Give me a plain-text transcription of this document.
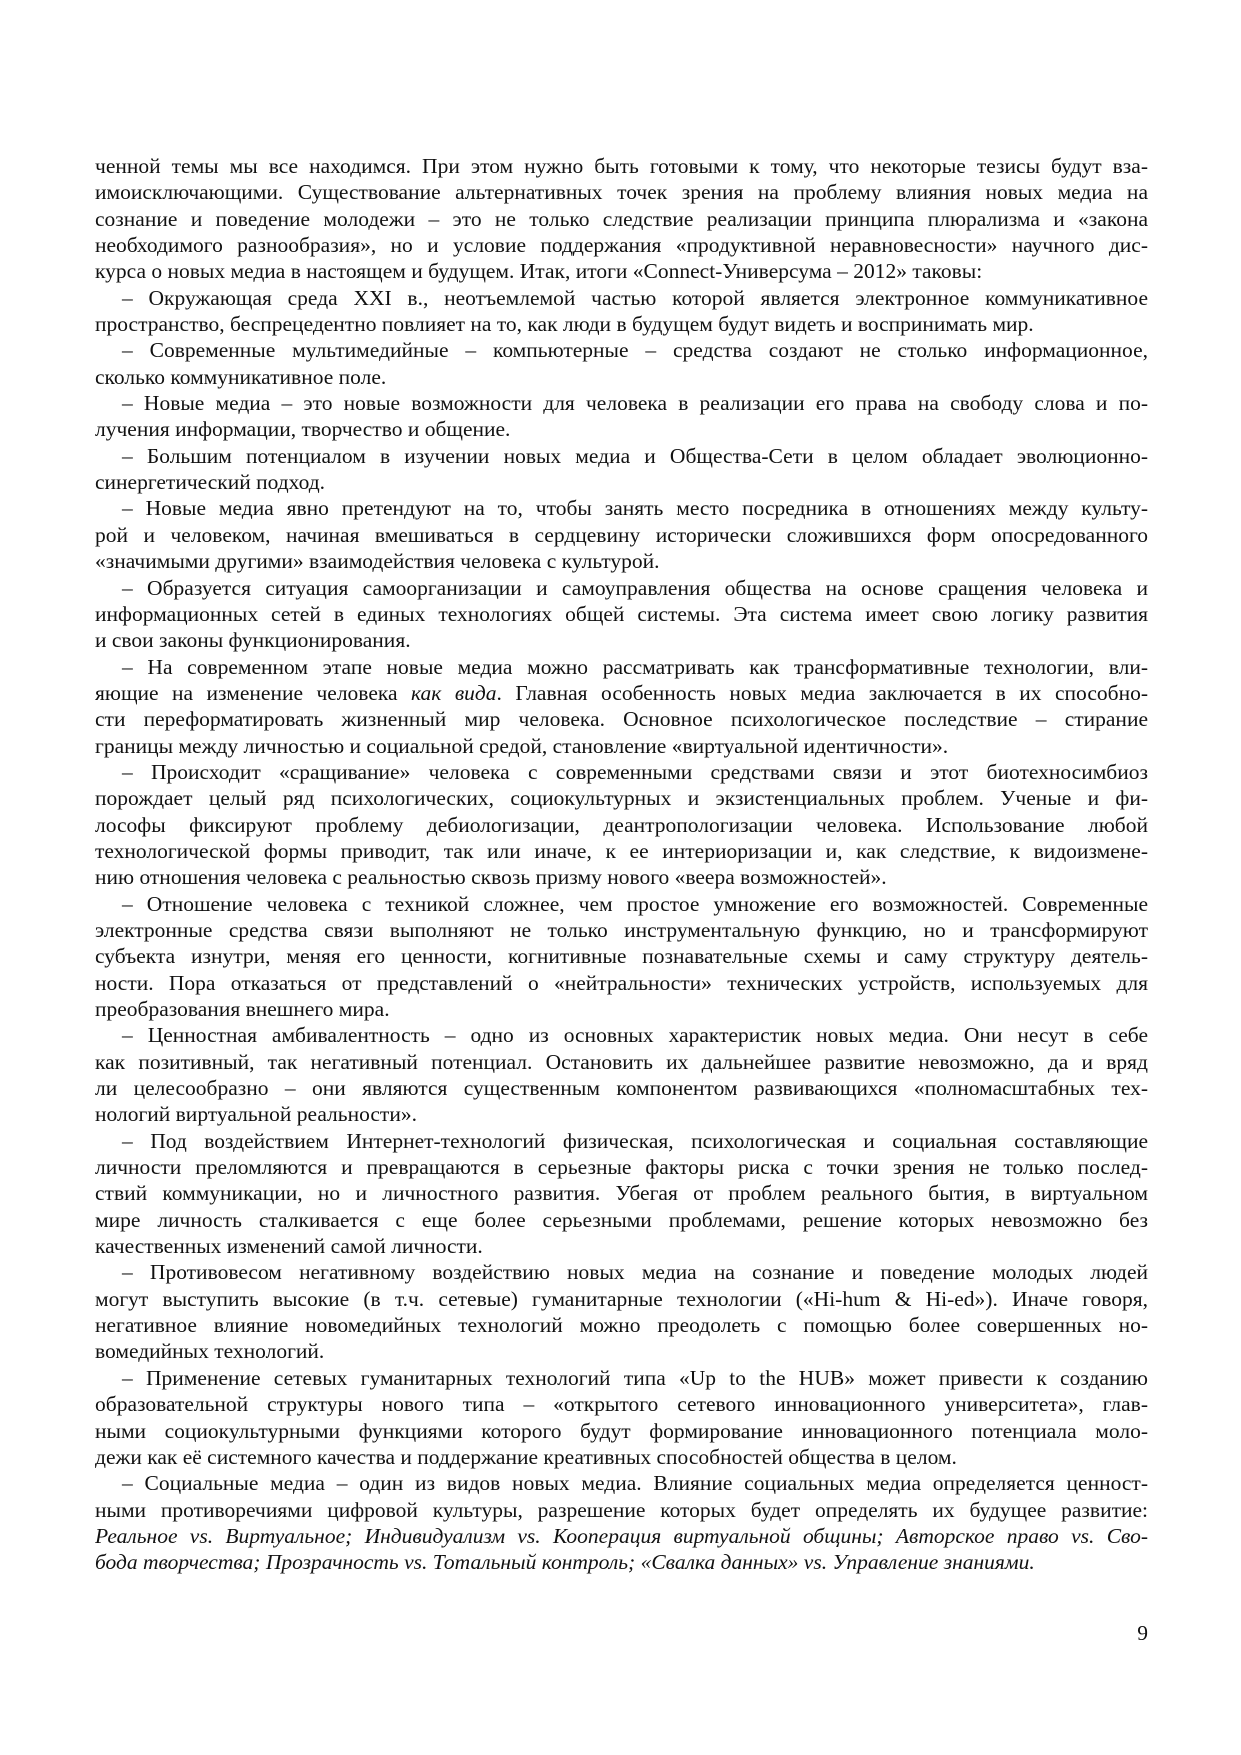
ченной темы мы все находимся. При этом нужно быть готовыми к тому, что некоторые тезисы будут вза-
имоисключающими. Существование альтернативных точек зрения на проблему влияния новых медиа на
сознание и поведение молодежи – это не только следствие реализации принципа плюрализма и «закона
необходимого разнообразия», но и условие поддержания «продуктивной неравновесности» научного дис-
курса о новых медиа в настоящем и будущем. Итак, итоги «Connect-Универсума – 2012» таковы:
– Окружающая среда XXI в., неотъемлемой частью которой является электронное коммуникативное
пространство, беспрецедентно повлияет на то, как люди в будущем будут видеть и воспринимать мир.
– Современные мультимедийные – компьютерные – средства создают не столько информационное,
сколько коммуникативное поле.
– Новые медиа – это новые возможности для человека в реализации его права на свободу слова и по-
лучения информации, творчество и общение.
– Большим потенциалом в изучении новых медиа и Общества-Сети в целом обладает эволюционно-
синергетический подход.
– Новые медиа явно претендуют на то, чтобы занять место посредника в отношениях между культу-
рой и человеком, начиная вмешиваться в сердцевину исторически сложившихся форм опосредованного
«значимыми другими» взаимодействия человека с культурой.
– Образуется ситуация самоорганизации и самоуправления общества на основе сращения человека и
информационных сетей в единых технологиях общей системы. Эта система имеет свою логику развития
и свои законы функционирования.
– На современном этапе новые медиа можно рассматривать как трансформативные технологии, вли-
яющие на изменение человека как вида. Главная особенность новых медиа заключается в их способно-
сти переформатировать жизненный мир человека. Основное психологическое последствие – стирание
границы между личностью и социальной средой, становление «виртуальной идентичности».
– Происходит «сращивание» человека с современными средствами связи и этот биотехносимбиоз
порождает целый ряд психологических, социокультурных и экзистенциальных проблем. Ученые и фи-
лософы фиксируют проблему дебиологизации, деантропологизации человека. Использование любой
технологической формы приводит, так или иначе, к ее интериоризации и, как следствие, к видоизмене-
нию отношения человека с реальностью сквозь призму нового «веера возможностей».
– Отношение человека с техникой сложнее, чем простое умножение его возможностей. Современные
электронные средства связи выполняют не только инструментальную функцию, но и трансформируют
субъекта изнутри, меняя его ценности, когнитивные познавательные схемы и саму структуру деятель-
ности. Пора отказаться от представлений о «нейтральности» технических устройств, используемых для
преобразования внешнего мира.
– Ценностная амбивалентность – одно из основных характеристик новых медиа. Они несут в себе
как позитивный, так негативный потенциал. Остановить их дальнейшее развитие невозможно, да и вряд
ли целесообразно – они являются существенным компонентом развивающихся «полномасштабных тех-
нологий виртуальной реальности».
– Под воздействием Интернет-технологий физическая, психологическая и социальная составляющие
личности преломляются и превращаются в серьезные факторы риска с точки зрения не только послед-
ствий коммуникации, но и личностного развития. Убегая от проблем реального бытия, в виртуальном
мире личность сталкивается с еще более серьезными проблемами, решение которых невозможно без
качественных изменений самой личности.
– Противовесом негативному воздействию новых медиа на сознание и поведение молодых людей
могут выступить высокие (в т.ч. сетевые) гуманитарные технологии («Hi-hum & Hi-ed»). Иначе говоря,
негативное влияние новомедийных технологий можно преодолеть с помощью более совершенных но-
вомедийных технологий.
– Применение сетевых гуманитарных технологий типа «Up to the HUB» может привести к созданию
образовательной структуры нового типа – «открытого сетевого инновационного университета», глав-
ными социокультурными функциями которого будут формирование инновационного потенциала моло-
дежи как её системного качества и поддержание креативных способностей общества в целом.
– Социальные медиа – один из видов новых медиа. Влияние социальных медиа определяется ценност-
ными противоречиями цифровой культуры, разрешение которых будет определять их будущее развитие:
Реальное vs. Виртуальное; Индивидуализм vs. Кооперация виртуальной общины; Авторское право vs. Сво-
бода творчества; Прозрачность vs. Тотальный контроль; «Свалка данных» vs. Управление знаниями.
9
